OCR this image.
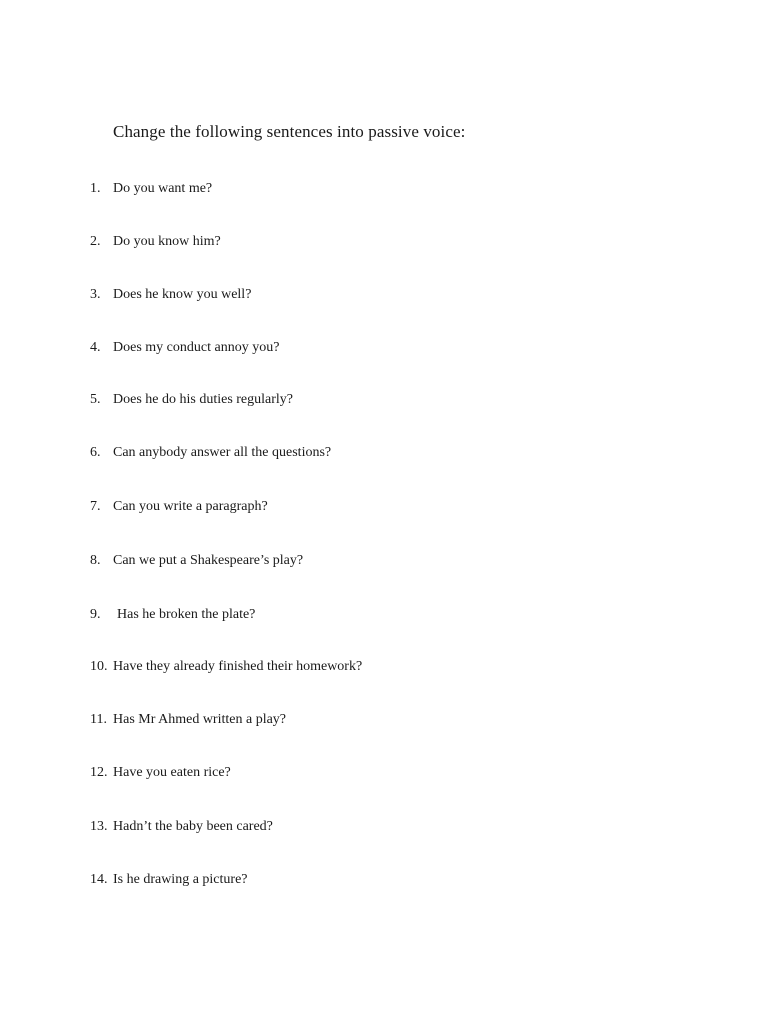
Change the following sentences into passive voice:
1. Do you want me?
2. Do you know him?
3. Does he know you well?
4. Does my conduct annoy you?
5. Does he do his duties regularly?
6. Can anybody answer all the questions?
7. Can you write a paragraph?
8. Can we put a Shakespeare’s play?
9. Has he broken the plate?
10. Have they already finished their homework?
11. Has Mr Ahmed written a play?
12. Have you eaten rice?
13. Hadn’t the baby been cared?
14. Is he drawing a picture?
